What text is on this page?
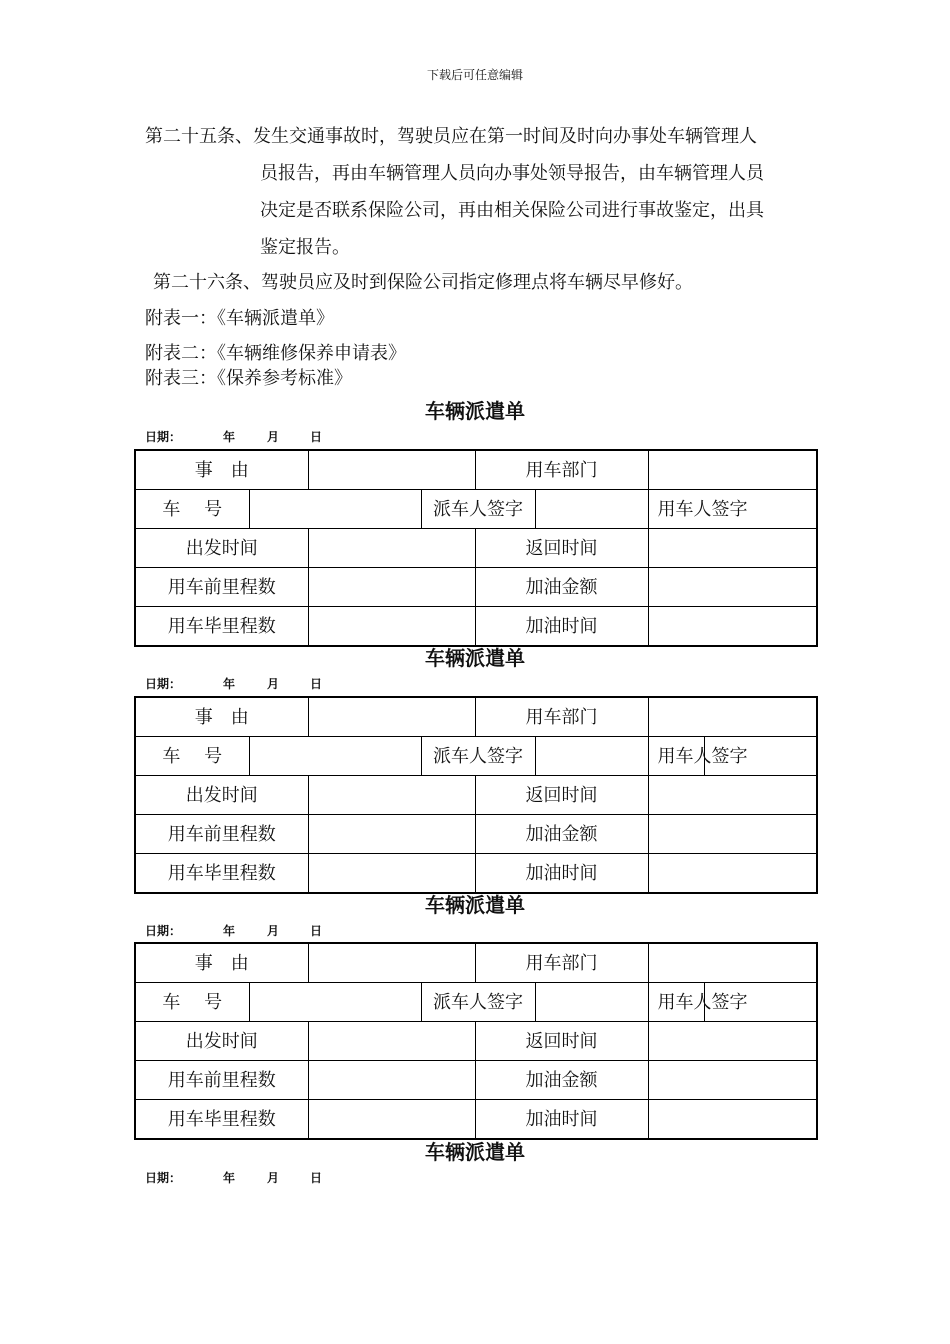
下载后可任意编辑

第二十五条、发生交通事故时，驾驶员应在第一时间及时向办事处车辆管理人

员报告，再由车辆管理人员向办事处领导报告，由车辆管理人员

决定是否联系保险公司，再由相关保险公司进行事故鉴定，出具

鉴定报告。

第二十六条、驾驶员应及时到保险公司指定修理点将车辆尽早修好。
附表一：《车辆派遣单》
附表二：《车辆维修保养申请表》
附表三：《保养参考标准》
车辆派遣单
日期：	年	月	日
事　由				用车部门		
车　 号			派车人签字			用车人签字
出发时间				返回时间		
用车前里程数				加油金额		
用车毕里程数				加油时间		
车辆派遣单
日期：	年	月	日
事　由				用车部门			
车　 号			派车人签字			用车人签字	
出发时间				返回时间			
用车前里程数				加油金额			
用车毕里程数				加油时间			
车辆派遣单
日期：	年	月	日
事　由				用车部门			
车　 号			派车人签字			用车人签字	
出发时间				返回时间			
用车前里程数				加油金额			
用车毕里程数				加油时间			
车辆派遣单
日期：	年	月	日
